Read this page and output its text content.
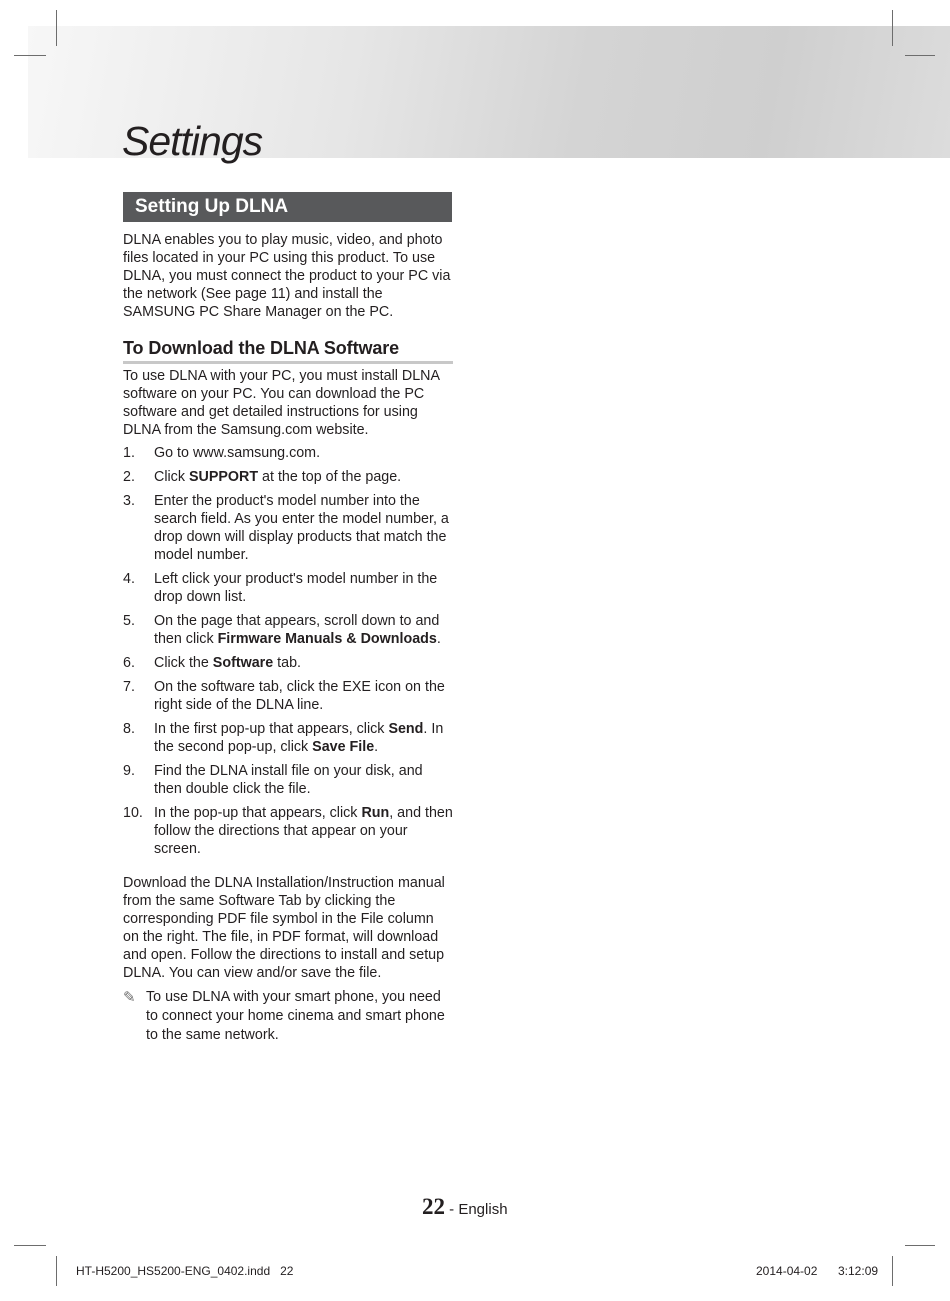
Settings
Setting Up DLNA

DLNA enables you to play music, video, and photo files located in your PC using this product. To use DLNA, you must connect the product to your PC via the network (See page 11) and install the SAMSUNG PC Share Manager on the PC.

To Download the DLNA Software

To use DLNA with your PC, you must install DLNA software on your PC. You can download the PC software and get detailed instructions for using DLNA from the Samsung.com website.

1.	Go to www.samsung.com.
2.	Click SUPPORT at the top of the page.
3.	Enter the product's model number into the search field. As you enter the model number, a drop down will display products that match the model number.
4.	Left click your product's model number in the drop down list.
5.	On the page that appears, scroll down to and then click Firmware Manuals & Downloads.
6.	Click the Software tab.
7.	On the software tab, click the EXE icon on the right side of the DLNA line.
8.	In the first pop-up that appears, click Send. In the second pop-up, click Save File.
9.	Find the DLNA install file on your disk, and then double click the file.
10. In the pop-up that appears, click Run, and then follow the directions that appear on your screen.

Download the DLNA Installation/Instruction manual from the same Software Tab by clicking the corresponding PDF file symbol in the File column on the right. The file, in PDF format, will download and open. Follow the directions to install and setup DLNA. You can view and/or save the file.

✎ To use DLNA with your smart phone, you need to connect your home cinema and smart phone to the same network.
22 - English
HT-H5200_HS5200-ENG_0402.indd   22	2014-04-02 3:12:09
